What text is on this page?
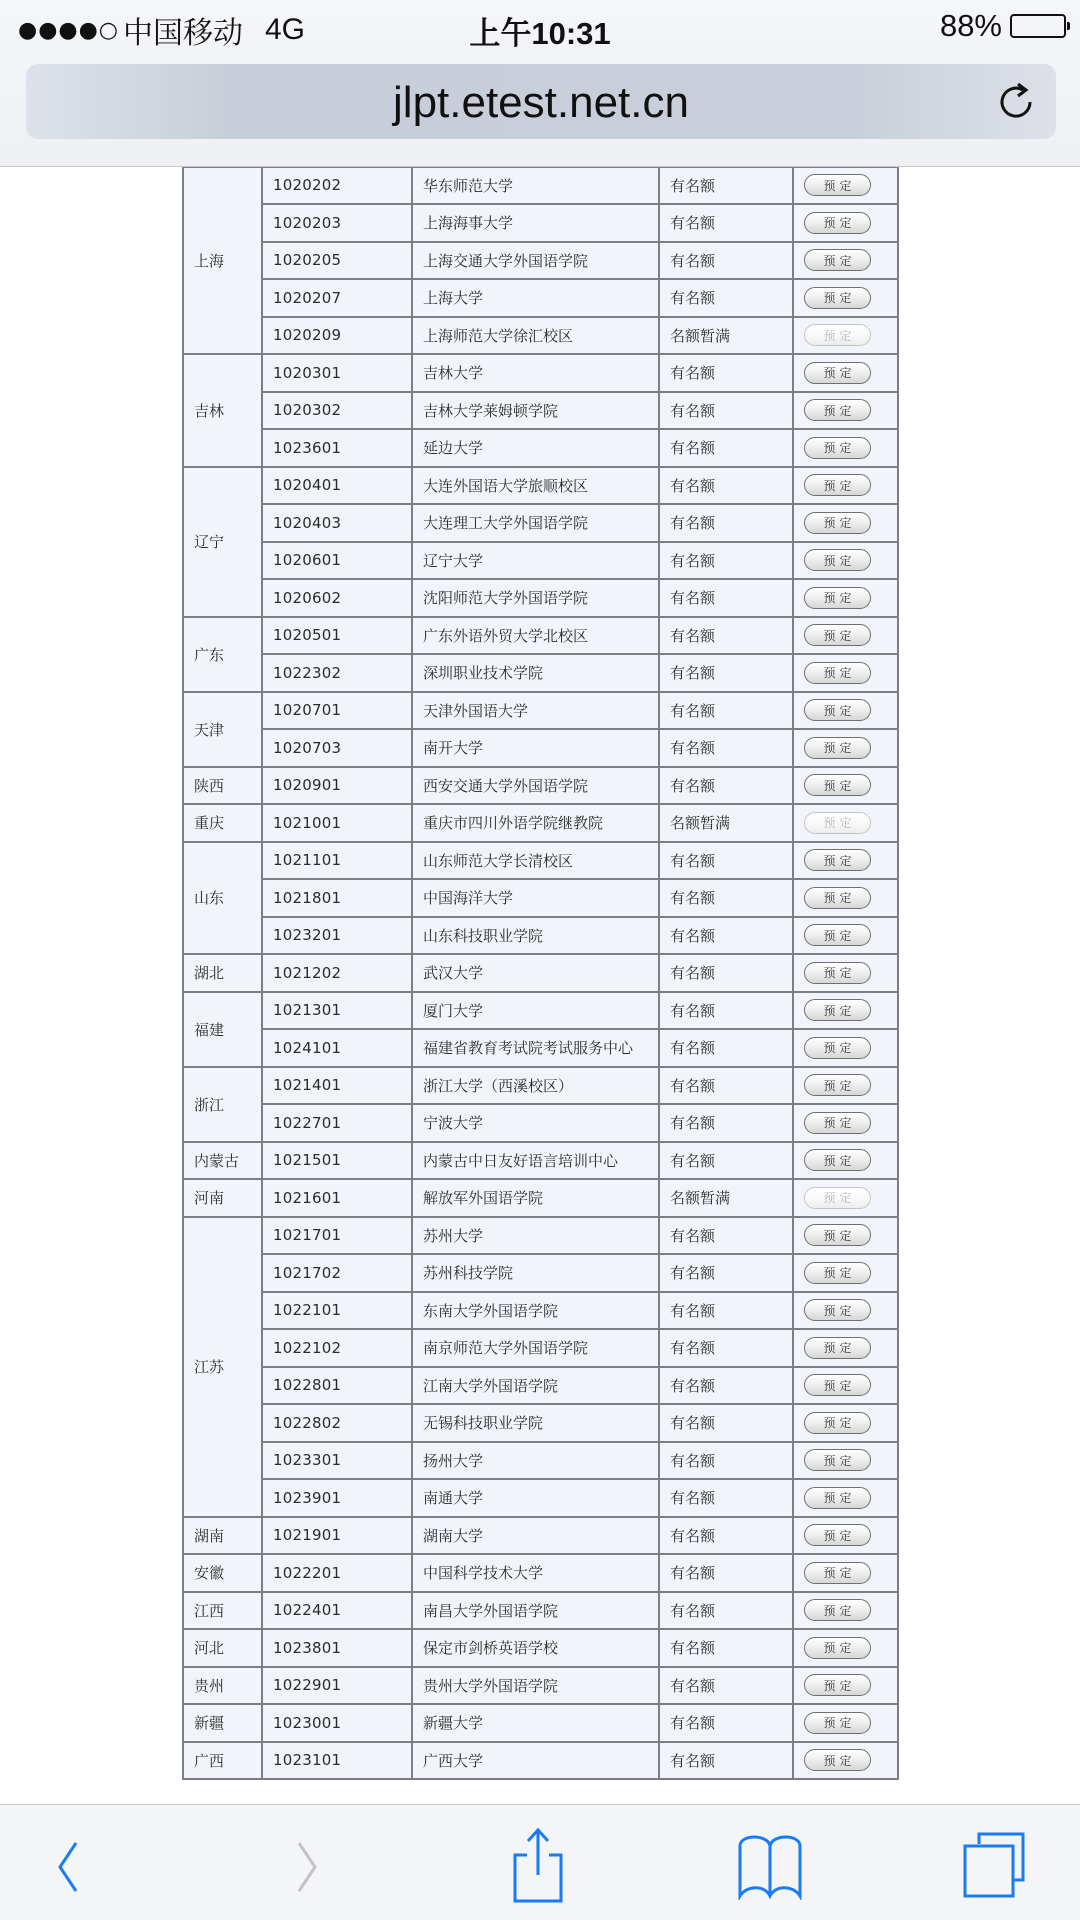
上海	1020202	华东师范大学	有名额	预定
	1020203	上海海事大学	有名额	预定
	1020205	上海交通大学外国语学院	有名额	预定
	1020207	上海大学	有名额	预定
	1020209	上海师范大学徐汇校区	名额暂满	预定
吉林	1020301	吉林大学	有名额	预定
	1020302	吉林大学莱姆顿学院	有名额	预定
	1023601	延边大学	有名额	预定
辽宁	1020401	大连外国语大学旅顺校区	有名额	预定
	1020403	大连理工大学外国语学院	有名额	预定
	1020601	辽宁大学	有名额	预定
	1020602	沈阳师范大学外国语学院	有名额	预定
广东	1020501	广东外语外贸大学北校区	有名额	预定
	1022302	深圳职业技术学院	有名额	预定
天津	1020701	天津外国语大学	有名额	预定
	1020703	南开大学	有名额	预定
陕西	1020901	西安交通大学外国语学院	有名额	预定
重庆	1021001	重庆市四川外语学院继教院	名额暂满	预定
山东	1021101	山东师范大学长清校区	有名额	预定
	1021801	中国海洋大学	有名额	预定
	1023201	山东科技职业学院	有名额	预定
湖北	1021202	武汉大学	有名额	预定
福建	1021301	厦门大学	有名额	预定
	1024101	福建省教育考试院考试服务中心	有名额	预定
浙江	1021401	浙江大学（西溪校区）	有名额	预定
	1022701	宁波大学	有名额	预定
内蒙古	1021501	内蒙古中日友好语言培训中心	有名额	预定
河南	1021601	解放军外国语学院	名额暂满	预定
江苏	1021701	苏州大学	有名额	预定
	1021702	苏州科技学院	有名额	预定
	1022101	东南大学外国语学院	有名额	预定
	1022102	南京师范大学外国语学院	有名额	预定
	1022801	江南大学外国语学院	有名额	预定
	1022802	无锡科技职业学院	有名额	预定
	1023301	扬州大学	有名额	预定
	1023901	南通大学	有名额	预定
湖南	1021901	湖南大学	有名额	预定
安徽	1022201	中国科学技术大学	有名额	预定
江西	1022401	南昌大学外国语学院	有名额	预定
河北	1023801	保定市剑桥英语学校	有名额	预定
贵州	1022901	贵州大学外国语学院	有名额	预定
新疆	1023001	新疆大学	有名额	预定
广西	1023101	广西大学	有名额	预定
●●●●○ 中国移动 4G	上午10:31	88%
jlpt.etest.net.cn
